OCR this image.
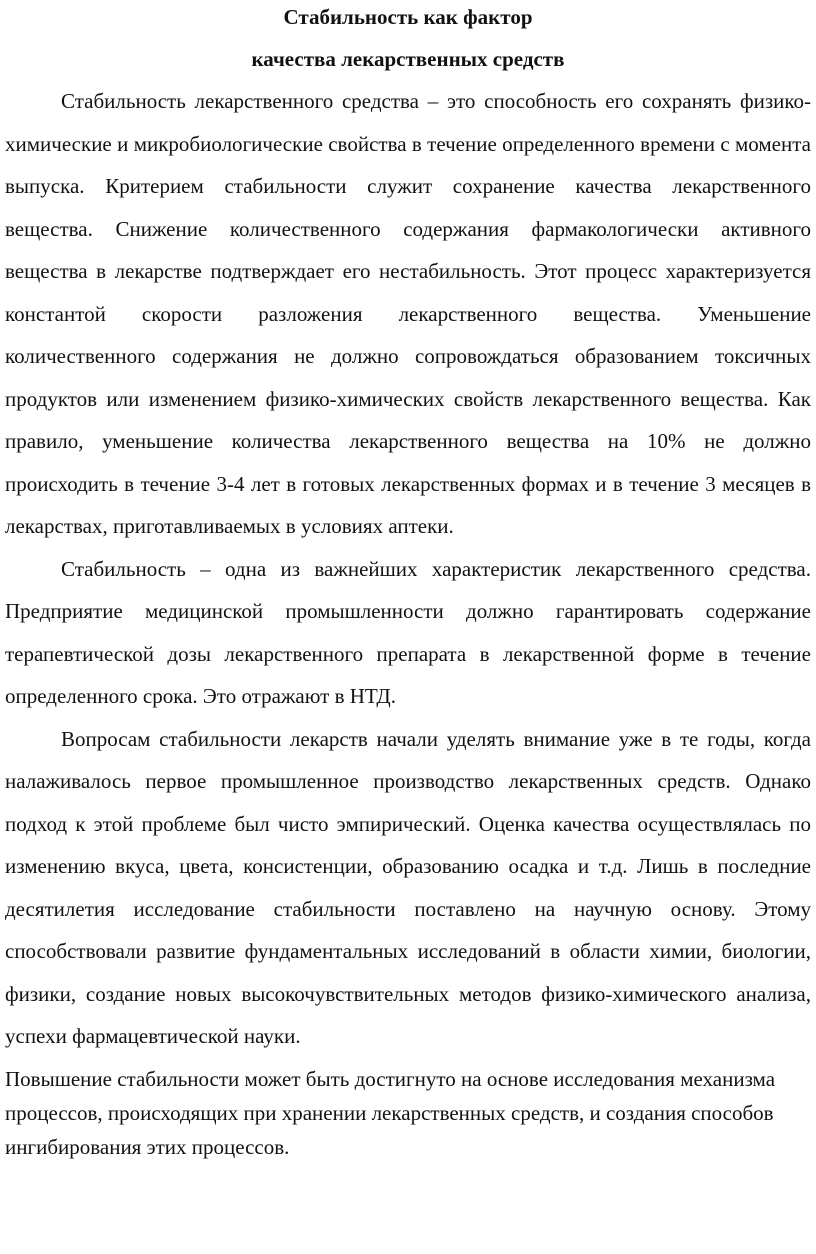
Стабильность как фактор

качества лекарственных средств

Стабильность лекарственного средства – это способность его сохранять физико-химические и микробиологические свойства в течение определенного времени с момента выпуска. Критерием стабильности служит сохранение качества лекарственного вещества. Снижение количественного содержания фармакологически активного вещества в лекарстве подтверждает его нестабильность. Этот процесс характеризуется константой скорости разложения лекарственного вещества. Уменьшение количественного содержания не должно сопровождаться образованием токсичных продуктов или изменением физико-химических свойств лекарственного вещества. Как правило, уменьшение количества лекарственного вещества на 10% не должно происходить в течение 3-4 лет в готовых лекарственных формах и в течение 3 месяцев в лекарствах, приготавливаемых в условиях аптеки.

Стабильность – одна из важнейших характеристик лекарственного средства. Предприятие медицинской промышленности должно гарантировать содержание терапевтической дозы лекарственного препарата в лекарственной форме в течение определенного срока. Это отражают в НТД.

Вопросам стабильности лекарств начали уделять внимание уже в те годы, когда налаживалось первое промышленное производство лекарственных средств. Однако подход к этой проблеме был чисто эмпирический. Оценка качества осуществлялась по изменению вкуса, цвета, консистенции, образованию осадка и т.д. Лишь в последние десятилетия исследование стабильности поставлено на научную основу. Этому способствовали развитие фундаментальных исследований в области химии, биологии, физики, создание новых высокочувствительных методов физико-химического анализа, успехи фармацевтической науки.

Повышение стабильности может быть достигнуто на основе исследования механизма процессов, происходящих при хранении лекарственных средств, и создания способов ингибирования этих процессов.
